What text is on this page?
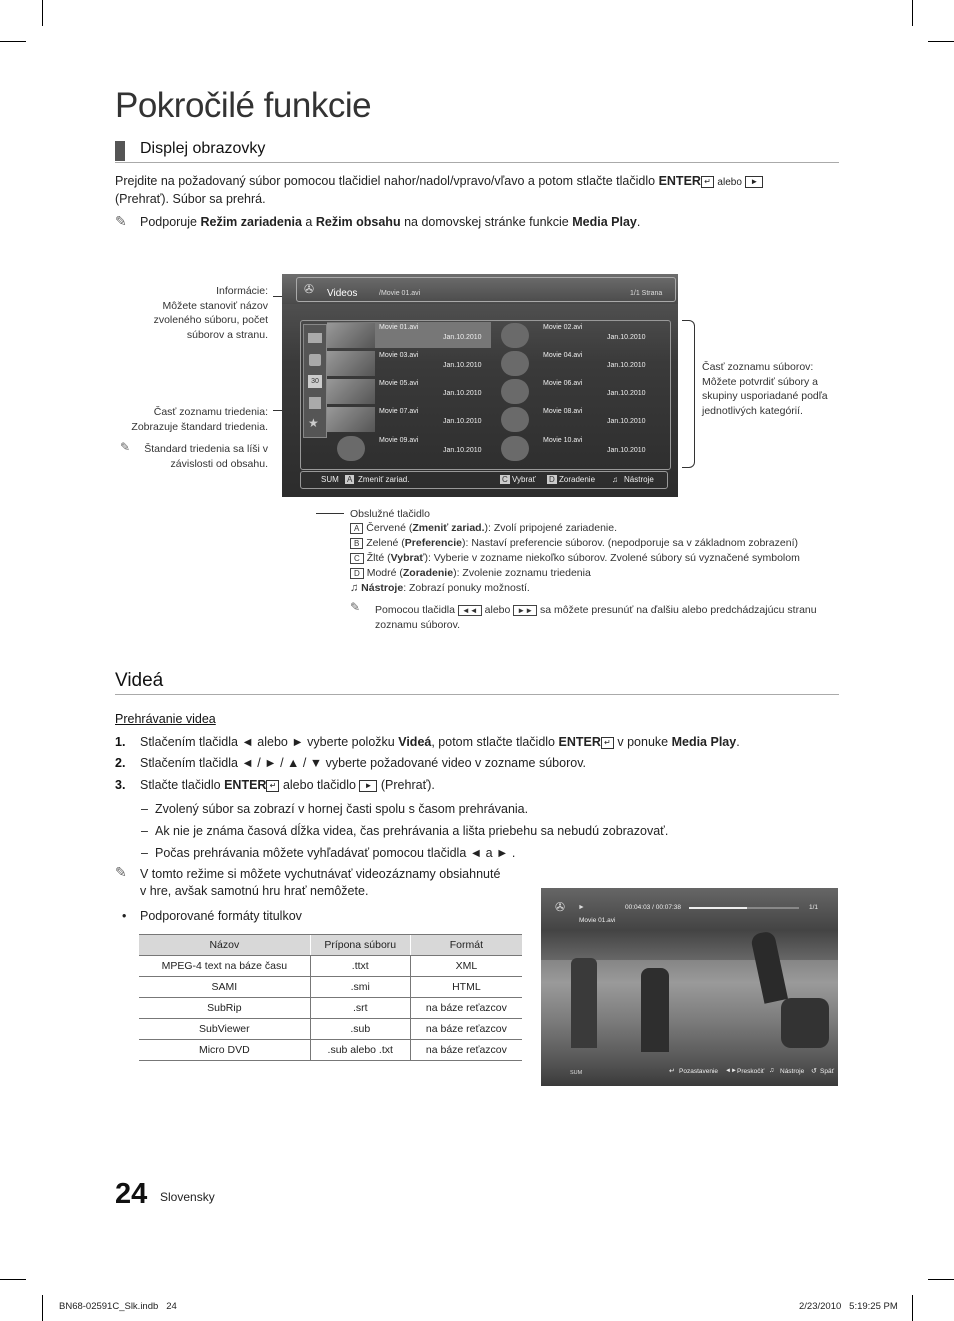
Pokročilé funkcie
Displej obrazovky
Prejdite na požadovaný súbor pomocou tlačidiel nahor/nadol/vpravo/vľavo a potom stlačte tlačidlo ENTER ↵ alebo ►
(Prehrať). Súbor sa prehrá.
✎ Podporuje Režim zariadenia a Režim obsahu na domovskej stránke funkcie Media Play.
Informácie:
Môžete stanoviť názov
zvoleného súboru, počet
súborov a stranu.
Časť zoznamu triedenia:
Zobrazuje štandard triedenia.
✎	Štandard triedenia sa líši v
závislosti od obsahu.
✇ Videos	/Movie 01.avi	1/1 Strana
30
★
Movie 01.avi
Jan.10.2010
Movie 02.avi
Jan.10.2010
Movie 03.avi
Jan.10.2010
Movie 04.avi
Jan.10.2010
Movie 05.avi
Jan.10.2010
Movie 06.avi
Jan.10.2010
Movie 07.avi
Jan.10.2010
Movie 08.avi
Jan.10.2010
Movie 09.avi
Jan.10.2010
Movie 10.avi
Jan.10.2010
SUM A Zmeniť zariad.	C Vybrať D Zoradenie ♫ Nástroje
Časť zoznamu súborov:
Môžete potvrdiť súbory a
skupiny usporiadané podľa
jednotlivých kategórií.
Obslužné tlačidlo
A Červené (Zmeniť zariad.): Zvolí pripojené zariadenie.
B Zelené (Preferencie): Nastaví preferencie súborov. (nepodporuje sa v základnom zobrazení)
C Žlté (Vybrať): Vyberie v zozname niekoľko súborov. Zvolené súbory sú vyznačené symbolom
D Modré (Zoradenie): Zvolenie zoznamu triedenia
♫ Nástroje: Zobrazí ponuky možností.
✎ Pomocou tlačidla ◄◄ alebo ►► sa môžete presunúť na ďalšiu alebo predchádzajúcu stranu
zoznamu súborov.
Videá
Prehrávanie videa
1. Stlačením tlačidla ◄ alebo ► vyberte položku Videá, potom stlačte tlačidlo ENTER ↵ v ponuke Media Play.
2. Stlačením tlačidla ◄ / ► / ▲ / ▼ vyberte požadované video v zozname súborov.
3. Stlačte tlačidlo ENTER ↵ alebo tlačidlo ► (Prehrať).
– Zvolený súbor sa zobrazí v hornej časti spolu s časom prehrávania.
– Ak nie je známa časová dĺžka videa, čas prehrávania a lišta priebehu sa nebudú zobrazovať.
– Počas prehrávania môžete vyhľadávať pomocou tlačidla ◄ a ► .
✎ V tomto režime si môžete vychutnávať videozáznamy obsiahnuté
v hre, avšak samotnú hru hrať nemôžete.
• Podporované formáty titulkov
Názov	Prípona súboru	Formát
MPEG-4 text na báze času	.ttxt	XML
SAMI	.smi	HTML
SubRip	.srt	na báze reťazcov
SubViewer	.sub	na báze reťazcov
Micro DVD	.sub alebo .txt	na báze reťazcov
✇ ►	00:04:03 / 00:07:38	1/1
Movie 01.avi
SUM	↵ Pozastavenie ◄► Preskočiť ♫ Nástroje ↺ Späť
24 Slovensky
BN68-02591C_Slk.indb   24	2/23/2010   5:19:25 PM
